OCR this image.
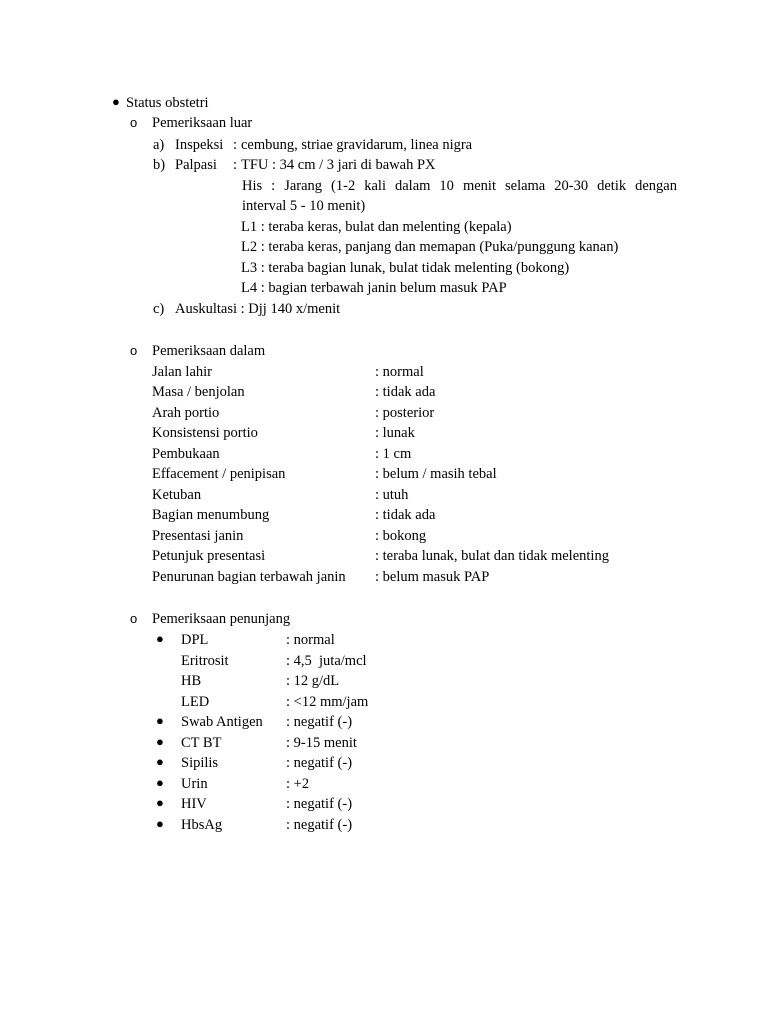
● Status obstetri
o Pemeriksaan luar
a) Inspeksi : cembung, striae gravidarum, linea nigra
b) Palpasi : TFU : 34 cm / 3 jari di bawah PX
His : Jarang (1-2 kali dalam 10 menit selama 20-30 detik dengan
interval 5 - 10 menit)
L1 : teraba keras, bulat dan melenting (kepala)
L2 : teraba keras, panjang dan memapan (Puka/punggung kanan)
L3 : teraba bagian lunak, bulat tidak melenting (bokong)
L4 : bagian terbawah janin belum masuk PAP
c) Auskultasi : Djj 140 x/menit
o Pemeriksaan dalam
Jalan lahir	: normal
Masa / benjolan	: tidak ada
Arah portio	: posterior
Konsistensi portio	: lunak
Pembukaan	: 1 cm
Effacement / penipisan	: belum / masih tebal
Ketuban	: utuh
Bagian menumbung	: tidak ada
Presentasi janin	: bokong
Petunjuk presentasi	: teraba lunak, bulat dan tidak melenting
Penurunan bagian terbawah janin : belum masuk PAP
o Pemeriksaan penunjang
● DPL	: normal
Eritrosit	: 4,5  juta/mcl
HB	: 12 g/dL
LED	: <12 mm/jam
● Swab Antigen : negatif (-)
● CT BT	: 9-15 menit
● Sipilis	: negatif (-)
● Urin	: +2
● HIV	: negatif (-)
● HbsAg	: negatif (-)
